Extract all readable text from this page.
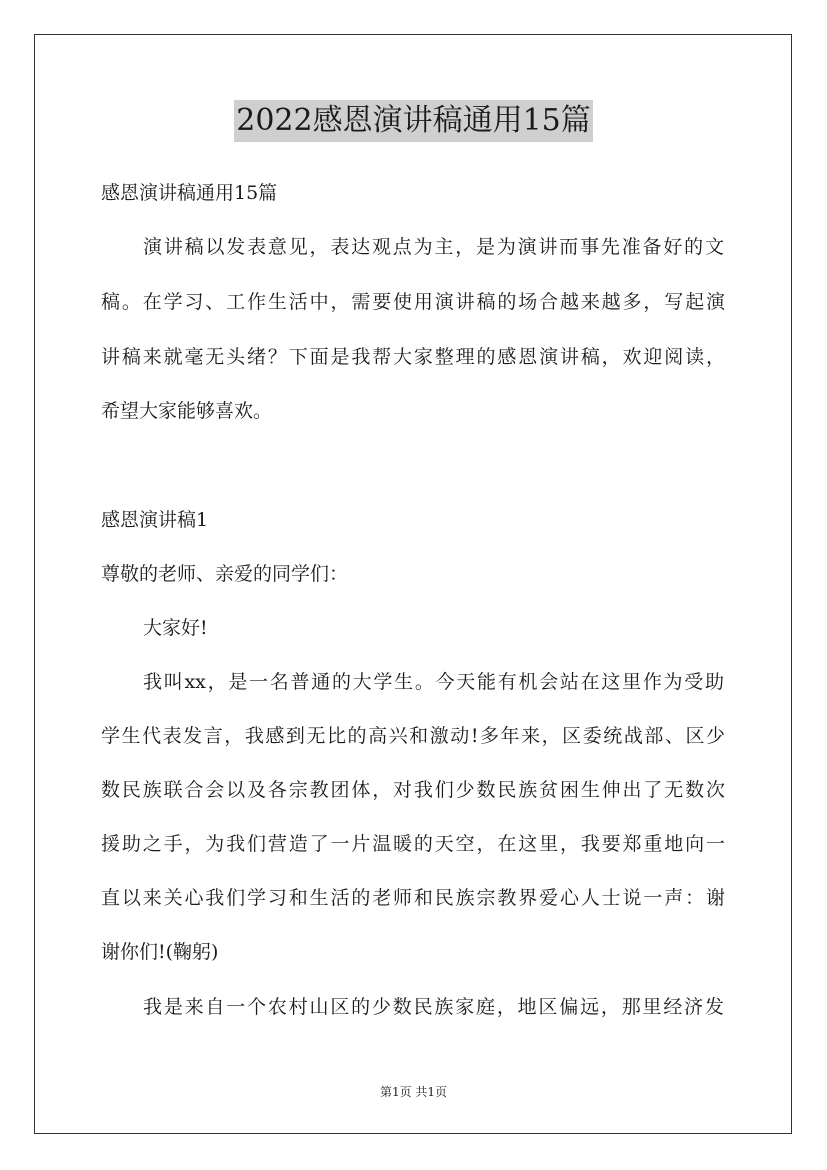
2022感恩演讲稿通用15篇
感恩演讲稿通用15篇
演讲稿以发表意见，表达观点为主，是为演讲而事先准备好的文
稿。在学习、工作生活中，需要使用演讲稿的场合越来越多，写起演
讲稿来就毫无头绪？下面是我帮大家整理的感恩演讲稿，欢迎阅读，
希望大家能够喜欢。
感恩演讲稿1
尊敬的老师、亲爱的同学们：
大家好!
我叫xx，是一名普通的大学生。今天能有机会站在这里作为受助
学生代表发言，我感到无比的高兴和激动!多年来，区委统战部、区少
数民族联合会以及各宗教团体，对我们少数民族贫困生伸出了无数次
援助之手，为我们营造了一片温暖的天空，在这里，我要郑重地向一
直以来关心我们学习和生活的老师和民族宗教界爱心人士说一声：谢
谢你们!(鞠躬)
我是来自一个农村山区的少数民族家庭，地区偏远，那里经济发
第1页 共1页
